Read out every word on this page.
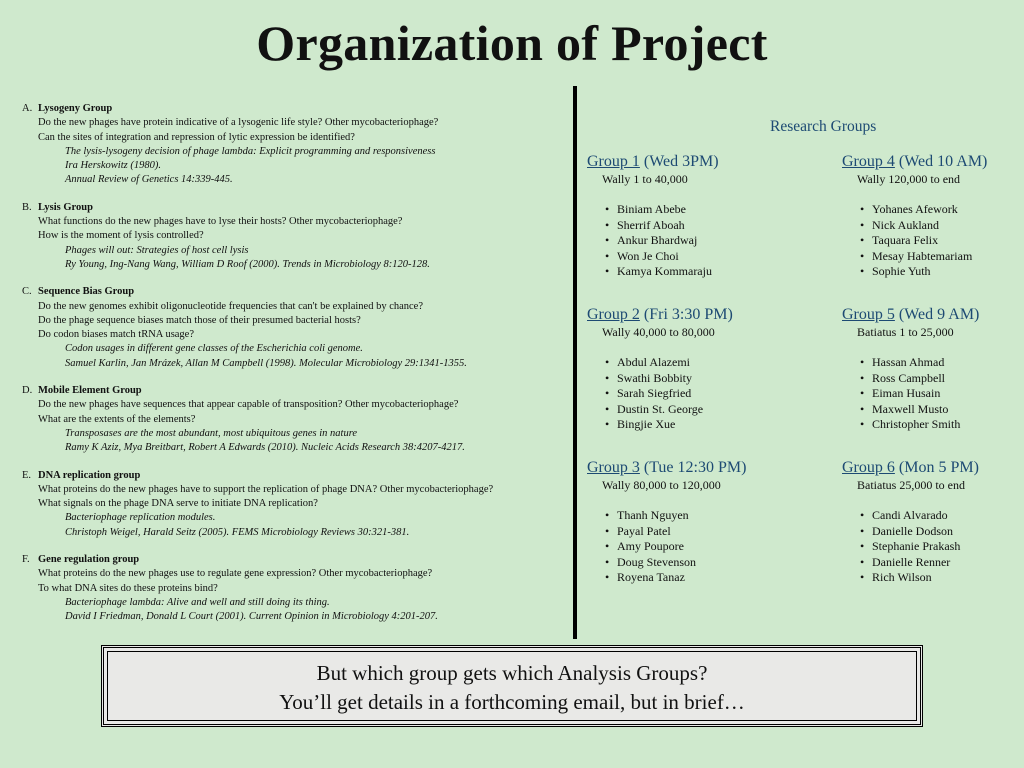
Organization of Project
A. Lysogeny Group
Do the new phages have protein indicative of a lysogenic life style? Other mycobacteriophage?
Can the sites of integration and repression of lytic expression be identified?
The lysis-lysogeny decision of phage lambda: Explicit programming and responsiveness
Ira Herskowitz (1980).
Annual Review of Genetics 14:339-445.
B. Lysis Group
What functions do the new phages have to lyse their hosts? Other mycobacteriophage?
How is the moment of lysis controlled?
Phages will out: Strategies of host cell lysis
Ry Young, Ing-Nang Wang, William D Roof (2000). Trends in Microbiology 8:120-128.
C. Sequence Bias Group
Do the new genomes exhibit oligonucleotide frequencies that can't be explained by chance?
Do the phage sequence biases match those of their presumed bacterial hosts?
Do codon biases match tRNA usage?
Codon usages in different gene classes of the Escherichia coli genome.
Samuel Karlin, Jan Mrázek, Allan M Campbell (1998). Molecular Microbiology 29:1341-1355.
D. Mobile Element Group
Do the new phages have sequences that appear capable of transposition? Other mycobacteriophage?
What are the extents of the elements?
Transposases are the most abundant, most ubiquitous genes in nature
Ramy K Aziz, Mya Breitbart, Robert A Edwards (2010). Nucleic Acids Research 38:4207-4217.
E. DNA replication group
What proteins do the new phages have to support the replication of phage DNA? Other mycobacteriophage?
What signals on the phage DNA serve to initiate DNA replication?
Bacteriophage replication modules.
Christoph Weigel, Harald Seitz (2005). FEMS Microbiology Reviews 30:321-381.
F. Gene regulation group
What proteins do the new phages use to regulate gene expression? Other mycobacteriophage?
To what DNA sites do these proteins bind?
Bacteriophage lambda: Alive and well and still doing its thing.
David I Friedman, Donald L Court (2001). Current Opinion in Microbiology 4:201-207.
Research Groups
Group 1 (Wed 3PM)
Wally 1 to 40,000
• Biniam Abebe
• Sherrif Aboah
• Ankur Bhardwaj
• Won Je Choi
• Kamya Kommaraju
Group 4 (Wed 10 AM)
Wally 120,000 to end
• Yohanes Afework
• Nick Aukland
• Taquara Felix
• Mesay Habtemariam
• Sophie Yuth
Group 2 (Fri 3:30 PM)
Wally 40,000 to 80,000
• Abdul Alazemi
• Swathi Bobbity
• Sarah Siegfried
• Dustin St. George
• Bingjie Xue
Group 5 (Wed 9 AM)
Batiatus 1 to 25,000
• Hassan Ahmad
• Ross Campbell
• Eiman Husain
• Maxwell Musto
• Christopher Smith
Group 3 (Tue 12:30 PM)
Wally 80,000 to 120,000
• Thanh Nguyen
• Payal Patel
• Amy Poupore
• Doug Stevenson
• Royena Tanaz
Group 6 (Mon 5 PM)
Batiatus 25,000 to end
• Candi Alvarado
• Danielle Dodson
• Stephanie Prakash
• Danielle Renner
• Rich Wilson
But which group gets which Analysis Groups?
You’ll get details in a forthcoming email, but in brief…
